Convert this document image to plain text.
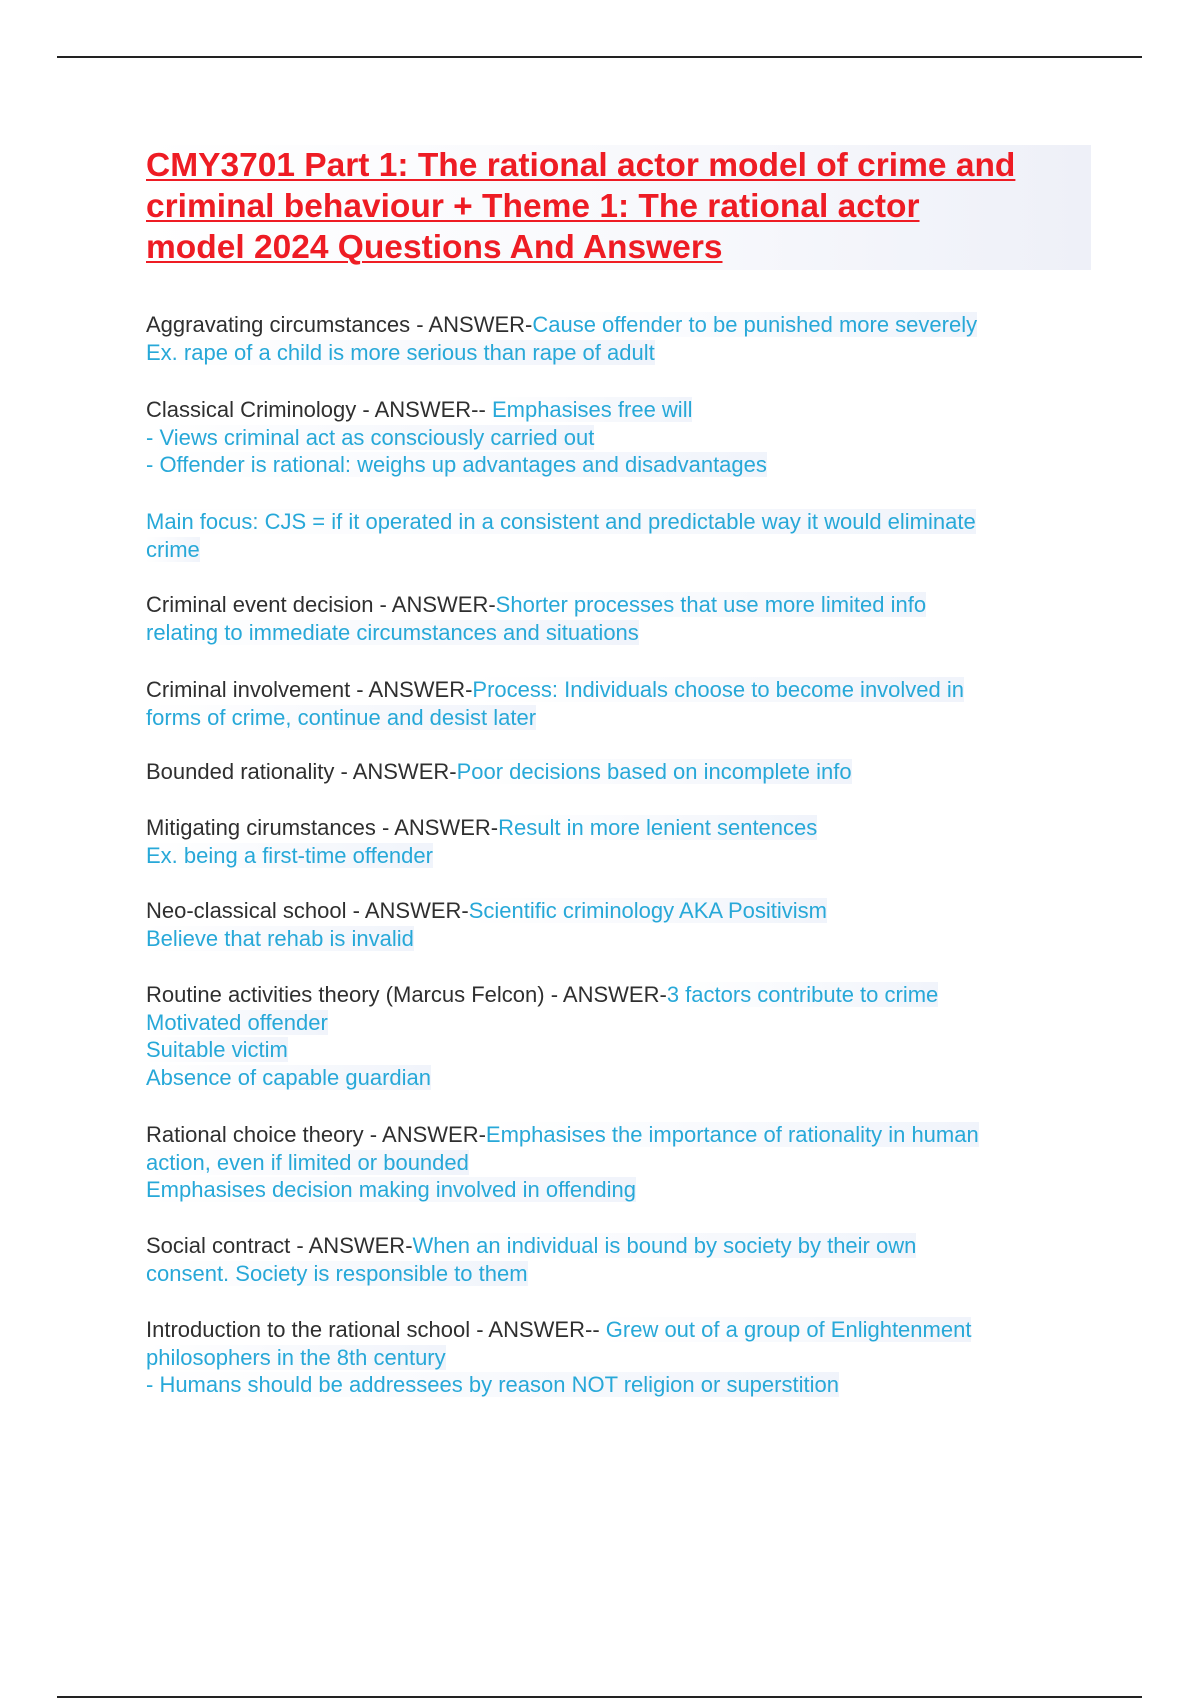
CMY3701 Part 1: The rational actor model of crime and
criminal behaviour + Theme 1: The rational actor
model 2024 Questions And Answers
Aggravating circumstances - ANSWER-Cause offender to be punished more severely
Ex. rape of a child is more serious than rape of adult
Classical Criminology - ANSWER-- Emphasises free will
- Views criminal act as consciously carried out
- Offender is rational: weighs up advantages and disadvantages
Main focus: CJS = if it operated in a consistent and predictable way it would eliminate
crime
Criminal event decision - ANSWER-Shorter processes that use more limited info
relating to immediate circumstances and situations
Criminal involvement - ANSWER-Process: Individuals choose to become involved in
forms of crime, continue and desist later
Bounded rationality - ANSWER-Poor decisions based on incomplete info
Mitigating cirumstances - ANSWER-Result in more lenient sentences
Ex. being a first-time offender
Neo-classical school - ANSWER-Scientific criminology AKA Positivism
Believe that rehab is invalid
Routine activities theory (Marcus Felcon) - ANSWER-3 factors contribute to crime
Motivated offender
Suitable victim
Absence of capable guardian
Rational choice theory - ANSWER-Emphasises the importance of rationality in human
action, even if limited or bounded
Emphasises decision making involved in offending
Social contract - ANSWER-When an individual is bound by society by their own
consent. Society is responsible to them
Introduction to the rational school - ANSWER-- Grew out of a group of Enlightenment
philosophers in the 8th century
- Humans should be addressees by reason NOT religion or superstition
